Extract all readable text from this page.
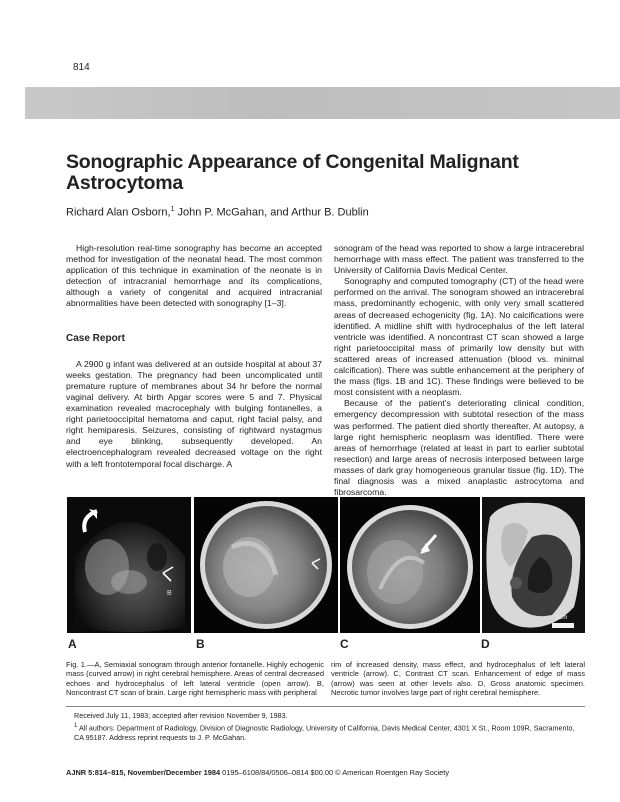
814
Sonographic Appearance of Congenital Malignant Astrocytoma
Richard Alan Osborn,$^1$ John P. McGahan, and Arthur B. Dublin

High-resolution real-time sonography has become an accepted method for investigation of the neonatal head. The most common application of this technique in examination of the neonate is in detection of intracranial hemorrhage and its complications, although a variety of congenital and acquired intracranial abnormalities have been detected with sonography [1–3].

Case Report

A 2900 g infant was delivered at an outside hospital at about 37 weeks gestation. The pregnancy had been uncomplicated until premature rupture of membranes about 34 hr before the normal vaginal delivery. At birth Apgar scores were 5 and 7. Physical examination revealed macrocephaly with bulging fontanelles, a right parietooccipital hematoma and caput, right facial palsy, and right hemiparesis. Seizures, consisting of rightward nystagmus and eye blinking, subsequently developed. An electroencephalogram revealed decreased voltage on the right with a left frontotemporal focal discharge. A

sonogram of the head was reported to show a large intracerebral hemorrhage with mass effect. The patient was transferred to the University of California Davis Medical Center.

Sonography and computed tomography (CT) of the head were performed on the arrival. The sonogram showed an intracerebral mass, predominantly echogenic, with only very small scattered areas of decreased echogenicity (fig. 1A). No calcifications were identified. A midline shift with hydrocephalus of the left lateral ventricle was identified. A noncontrast CT scan showed a large right parietooccipital mass of primarily low density but with scattered areas of increased attenuation (blood vs. minimal calcification). There was subtle enhancement at the periphery of the mass (figs. 1B and 1C). These findings were believed to be most consistent with a neoplasm.

Because of the patient's deteriorating clinical condition, emergency decompression with subtotal resection of the mass was performed. The patient died shortly thereafter. At autopsy, a large right hemispheric neoplasm was identified. There were areas of hemorrhage (related at least in part to earlier subtotal resection) and large areas of necrosis interposed between large masses of dark gray homogeneous granular tissue (fig. 1D). The final diagnosis was a mixed anaplastic astrocytoma and fibrosarcoma.

B
1cm
A	B	C	D
Fig. 1.—A, Semiaxial sonogram through anterior fontanelle. Highly echogenic mass (curved arrow) in right cerebral hemisphere. Areas of central decreased echoes and hydrocephalus of left lateral ventricle (open arrow). B, Noncontrast CT scan of brain. Large right hemispheric mass with peripheral
rim of increased density, mass effect, and hydrocephalus of left lateral ventricle (arrow). C, Contrast CT scan. Enhancement of edge of mass (arrow) was seen at other levels also. D, Gross anatomic specimen. Necrotic tumor involves large part of right cerebral hemisphere.
Received July 11, 1983; accepted after revision November 9, 1983.
$^1$ All authors: Department of Radiology, Division of Diagnostic Radiology, University of California, Davis Medical Center, 4301 X St., Room 109R, Sacramento, CA 95187. Address reprint requests to J. P. McGahan.
AJNR 5:814–815, November/December 1984 0195–6108/84/0506–0814 $00.00 © American Roentgen Ray Society
